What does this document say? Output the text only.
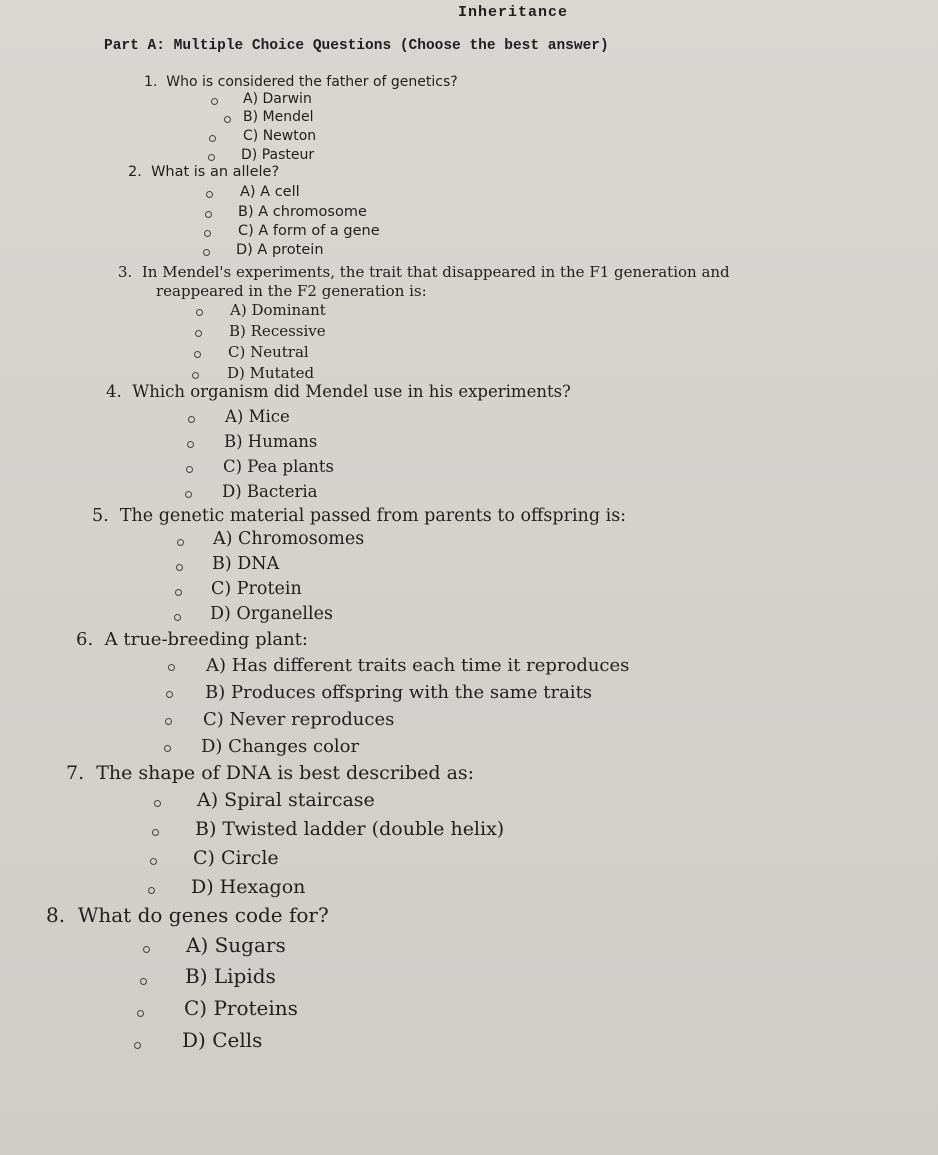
Inheritance
Part A: Multiple Choice Questions (Choose the best answer)
1. Who is considered the father of genetics?
A) Darwin
B) Mendel
C) Newton
D) Pasteur
2. What is an allele?
A) A cell
B) A chromosome
C) A form of a gene
D) A protein
3. In Mendel's experiments, the trait that disappeared in the F1 generation and
reappeared in the F2 generation is:
A) Dominant
B) Recessive
C) Neutral
D) Mutated
4. Which organism did Mendel use in his experiments?
A) Mice
B) Humans
C) Pea plants
D) Bacteria
5. The genetic material passed from parents to offspring is:
A) Chromosomes
B) DNA
C) Protein
D) Organelles
6. A true-breeding plant:
A) Has different traits each time it reproduces
B) Produces offspring with the same traits
C) Never reproduces
D) Changes color
7. The shape of DNA is best described as:
A) Spiral staircase
B) Twisted ladder (double helix)
C) Circle
D) Hexagon
8. What do genes code for?
A) Sugars
B) Lipids
C) Proteins
D) Cells
